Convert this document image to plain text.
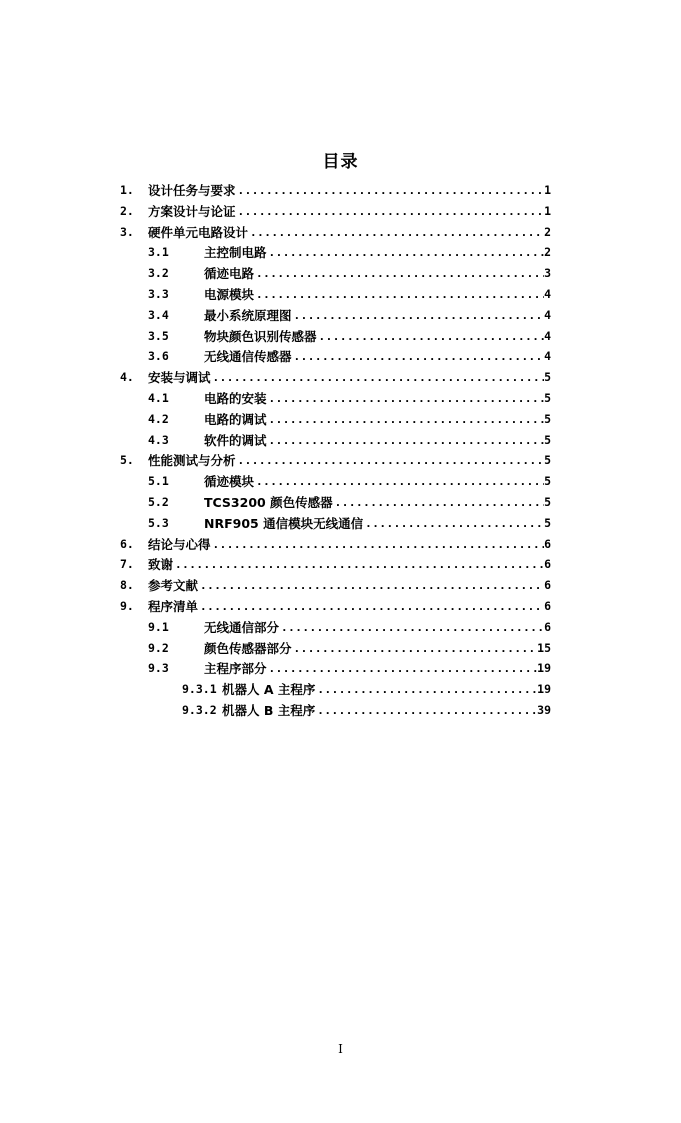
目录
1.	设计任务与要求 .....	1
2.	方案设计与论证 .....	1
3.	硬件单元电路设计 .....	2
3.1	主控制电路 .....	2
3.2	循迹电路 .....	3
3.3	电源模块 .....	4
3.4	最小系统原理图 .....	4
3.5	物块颜色识别传感器 .....	4
3.6	无线通信传感器 .....	4
4.	安装与调试 .....	5
4.1	电路的安装 .....	5
4.2	电路的调试 .....	5
4.3	软件的调试 .....	5
5.	性能测试与分析 .....	5
5.1	循迹模块 .....	5
5.2	TCS3200 颜色传感器 .....	5
5.3	NRF905 通信模块无线通信 .....	5
6.	结论与心得 .....	6
7.	致谢 .....	6
8.	参考文献 .....	6
9.	程序清单 .....	6
9.1	无线通信部分 .....	6
9.2	颜色传感器部分 .....	15
9.3	主程序部分 .....	19
9.3.1 机器人 A 主程序 .....	19
9.3.2 机器人 B 主程序 .....	39
I
